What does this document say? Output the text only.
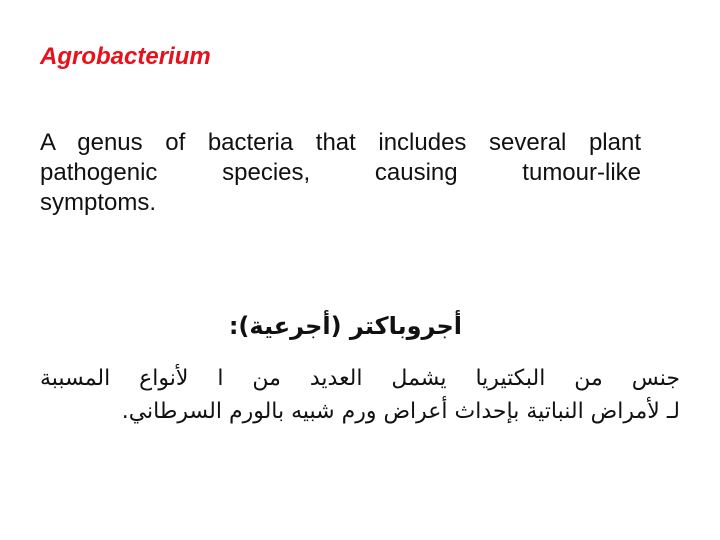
Agrobacterium

A genus of bacteria that includes several plant
pathogenic species, causing tumour-like
symptoms.

أجروباكتر (أجرعية):
جنس من البكتيريا يشمل العديد من ا لأنواع المسببة
لـ لأمراض النباتية بإحداث أعراض ورم شبيه بالورم السرطاني.
